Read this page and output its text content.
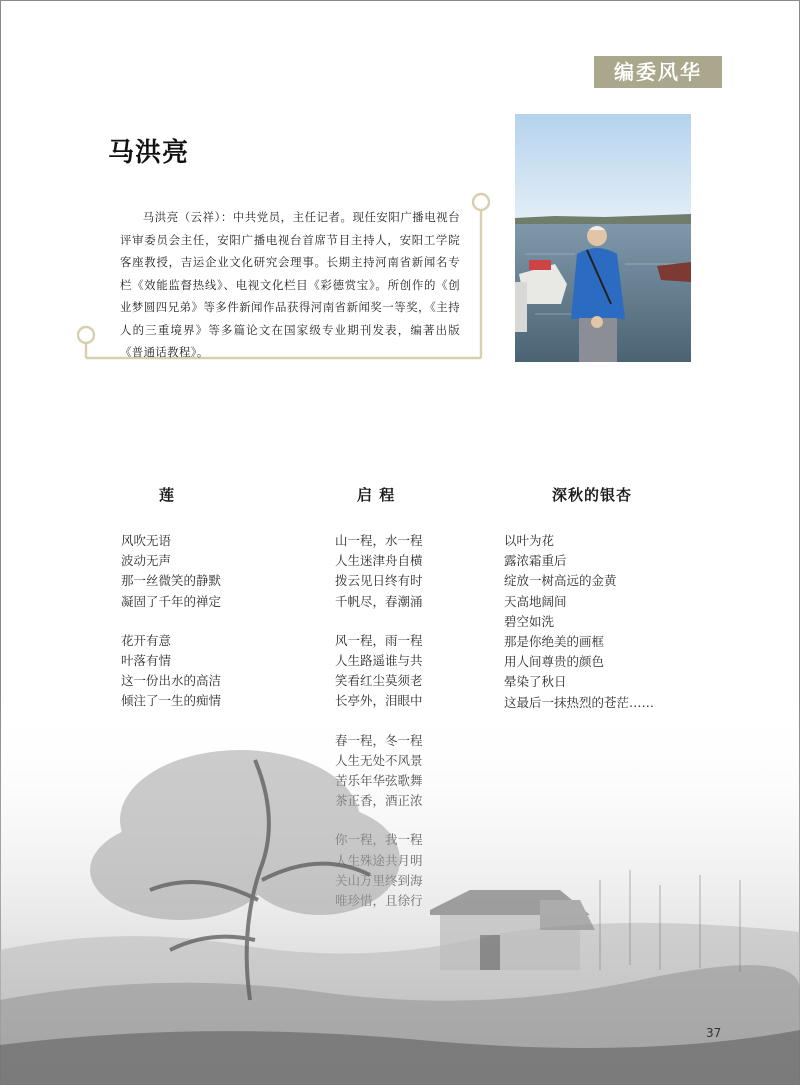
编委风华
马洪亮
马洪亮（云祥）：中共党员，主任记者。现任安阳广播电视台评审委员会主任，安阳广播电视台首席节目主持人，安阳工学院客座教授，吉运企业文化研究会理事。长期主持河南省新闻名专栏《效能监督热线》、电视文化栏目《彩德赏宝》。所创作的《创业梦圆四兄弟》等多件新闻作品获得河南省新闻奖一等奖，《主持人的三重境界》等多篇论文在国家级专业期刊发表，编著出版《普通话教程》。
莲
风吹无语
波动无声
那一丝微笑的静默
凝固了千年的禅定
花开有意
叶落有情
这一份出水的高洁
启 程
山一程，水一程
人生迷津舟自横
拨云见日终有时
千帆尽，春潮涌
风一程，雨一程
人生路遥谁与共
笑看红尘莫须老
深秋的银杏
以叶为花
露浓霜重后
绽放一树高远的金黄
天高地阔间
碧空如洗
那是你绝美的画框
用人间尊贵的颜色
晕染了秋日
37
